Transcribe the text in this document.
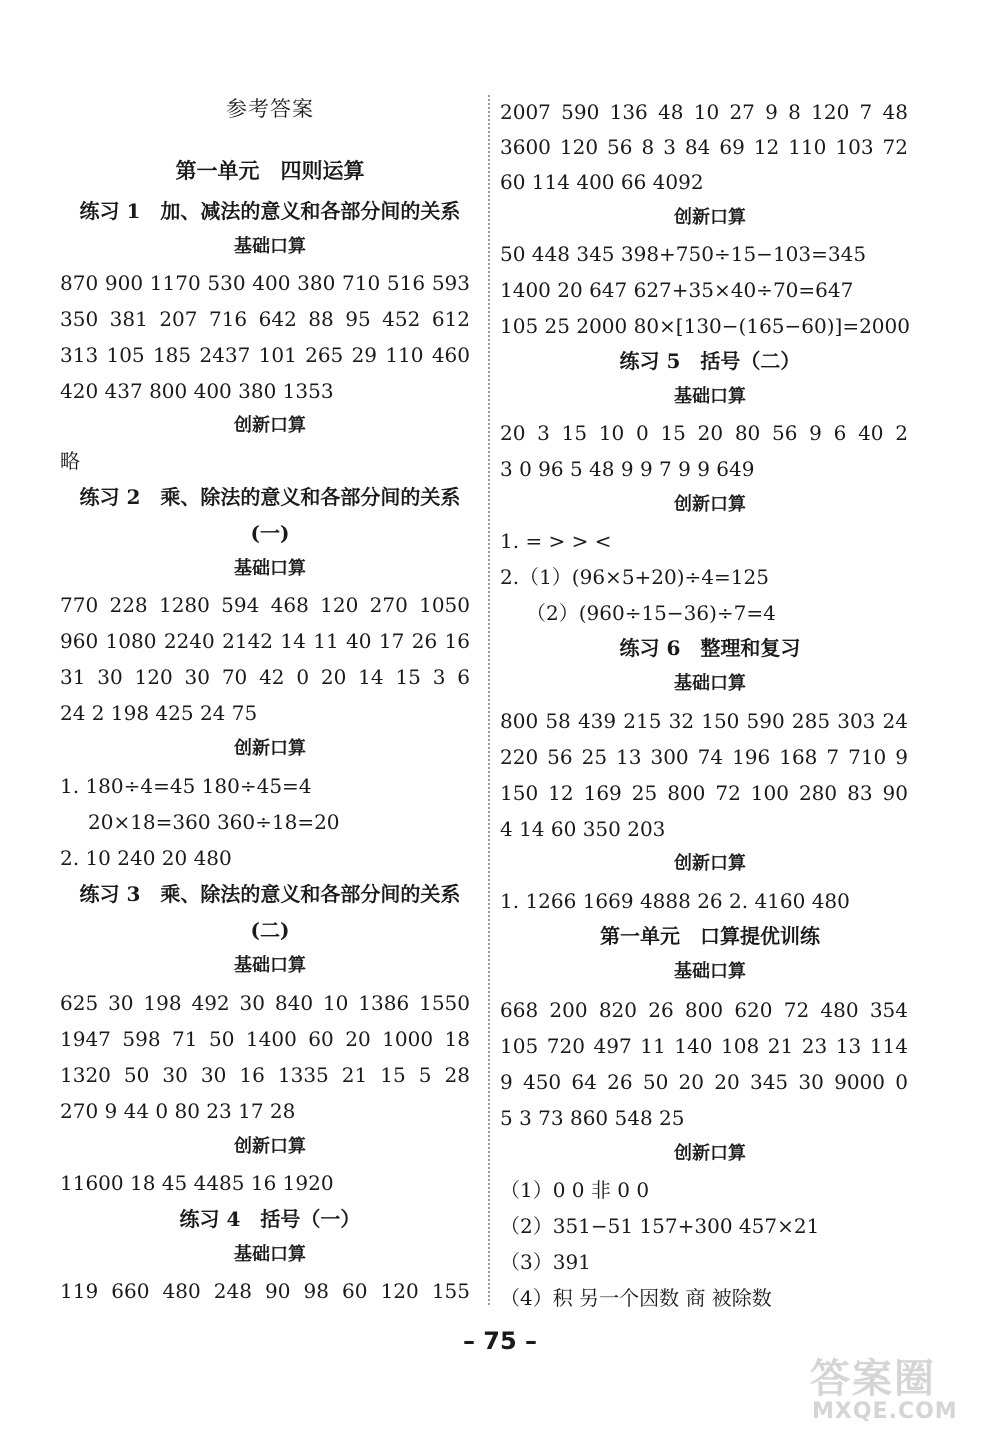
参考答案
第一单元　四则运算
练习 1　加、减法的意义和各部分间的关系
基础口算
870 900 1170 530 400 380 710 516 593
350 381 207 716 642 88 95 452 612
313 105 185 2437 101 265 29 110 460
420 437 800 400 380 1353
创新口算
略
练习 2　乘、除法的意义和各部分间的关系
(一)
基础口算
770 228 1280 594 468 120 270 1050
960 1080 2240 2142 14 11 40 17 26 16
31 30 120 30 70 42 0 20 14 15 3 6
24 2 198 425 24 75
创新口算
1. 180÷4=45 180÷45=4
20×18=360 360÷18=20
2. 10 240 20 480
练习 3　乘、除法的意义和各部分间的关系
(二)
基础口算
625 30 198 492 30 840 10 1386 1550
1947 598 71 50 1400 60 20 1000 18
1320 50 30 30 16 1335 21 15 5 28
270 9 44 0 80 23 17 28
创新口算
11600 18 45 4485 16 1920
练习 4　括号（一）
基础口算
119 660 480 248 90 98 60 120 155
2007 590 136 48 10 27 9 8 120 7 48
3600 120 56 8 3 84 69 12 110 103 72
60 114 400 66 4092
创新口算
50 448 345 398+750÷15−103=345
1400 20 647 627+35×40÷70=647
105 25 2000 80×[130−(165−60)]=2000
练习 5　括号（二）
基础口算
20 3 15 10 0 15 20 80 56 9 6 40 2
3 0 96 5 48 9 9 7 9 9 649
创新口算
1. = > > <
2.（1）(96×5+20)÷4=125
（2）(960÷15−36)÷7=4
练习 6　整理和复习
基础口算
800 58 439 215 32 150 590 285 303 24
220 56 25 13 300 74 196 168 7 710 9
150 12 169 25 800 72 100 280 83 90
4 14 60 350 203
创新口算
1. 1266 1669 4888 26 2. 4160 480
第一单元　口算提优训练
基础口算
668 200 820 26 800 620 72 480 354
105 720 497 11 140 108 21 23 13 114
9 450 64 26 50 20 20 345 30 9000 0
5 3 73 860 548 25
创新口算
（1）0 0 非 0 0
（2）351−51 157+300 457×21
（3）391
（4）积 另一个因数 商 被除数
– 75 –
答案圈
MXQE.COM
